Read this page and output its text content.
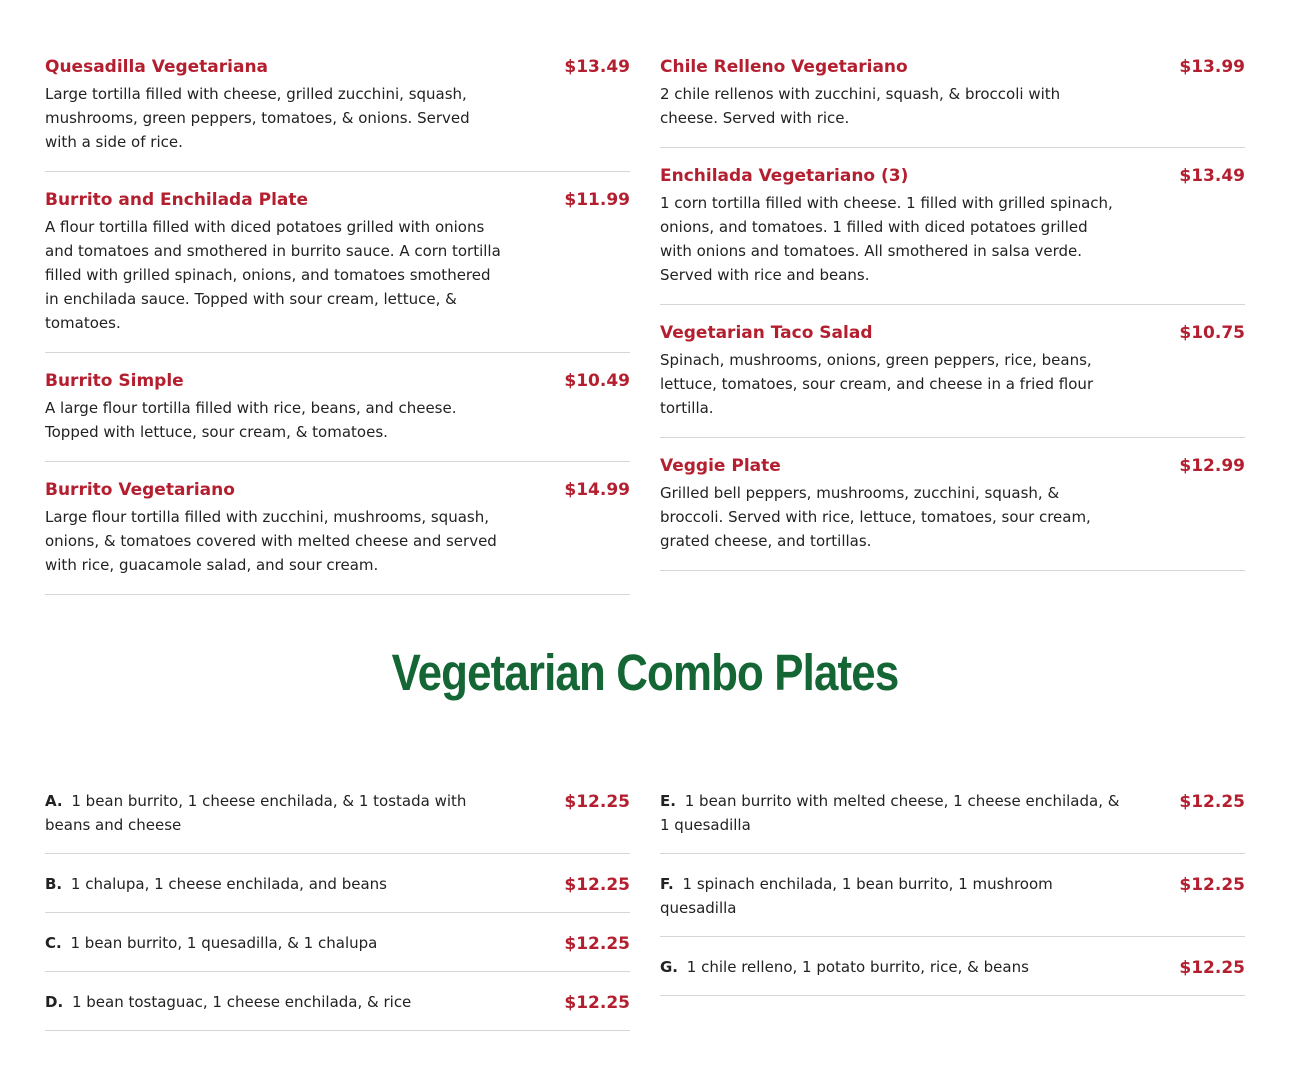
Quesadilla Vegetariana	$13.49
Large tortilla filled with cheese, grilled zucchini, squash, mushrooms, green peppers, tomatoes, & onions. Served with a side of rice.
Burrito and Enchilada Plate	$11.99
A flour tortilla filled with diced potatoes grilled with onions and tomatoes and smothered in burrito sauce. A corn tortilla filled with grilled spinach, onions, and tomatoes smothered in enchilada sauce. Topped with sour cream, lettuce, & tomatoes.
Burrito Simple	$10.49
A large flour tortilla filled with rice, beans, and cheese. Topped with lettuce, sour cream, & tomatoes.
Burrito Vegetariano	$14.99
Large flour tortilla filled with zucchini, mushrooms, squash, onions, & tomatoes covered with melted cheese and served with rice, guacamole salad, and sour cream.
Chile Relleno Vegetariano	$13.99
2 chile rellenos with zucchini, squash, & broccoli with cheese. Served with rice.
Enchilada Vegetariano (3)	$13.49
1 corn tortilla filled with cheese. 1 filled with grilled spinach, onions, and tomatoes. 1 filled with diced potatoes grilled with onions and tomatoes. All smothered in salsa verde. Served with rice and beans.
Vegetarian Taco Salad	$10.75
Spinach, mushrooms, onions, green peppers, rice, beans, lettuce, tomatoes, sour cream, and cheese in a fried flour tortilla.
Veggie Plate	$12.99
Grilled bell peppers, mushrooms, zucchini, squash, & broccoli. Served with rice, lettuce, tomatoes, sour cream, grated cheese, and tortillas.
Vegetarian Combo Plates
A. 1 bean burrito, 1 cheese enchilada, & 1 tostada with beans and cheese
$12.25
B. 1 chalupa, 1 cheese enchilada, and beans	$12.25
C. 1 bean burrito, 1 quesadilla, & 1 chalupa	$12.25
D. 1 bean tostaguac, 1 cheese enchilada, & rice	$12.25
E. 1 bean burrito with melted cheese, 1 cheese enchilada, & 1 quesadilla
$12.25
F. 1 spinach enchilada, 1 bean burrito, 1 mushroom quesadilla
$12.25
G. 1 chile relleno, 1 potato burrito, rice, & beans	$12.25
